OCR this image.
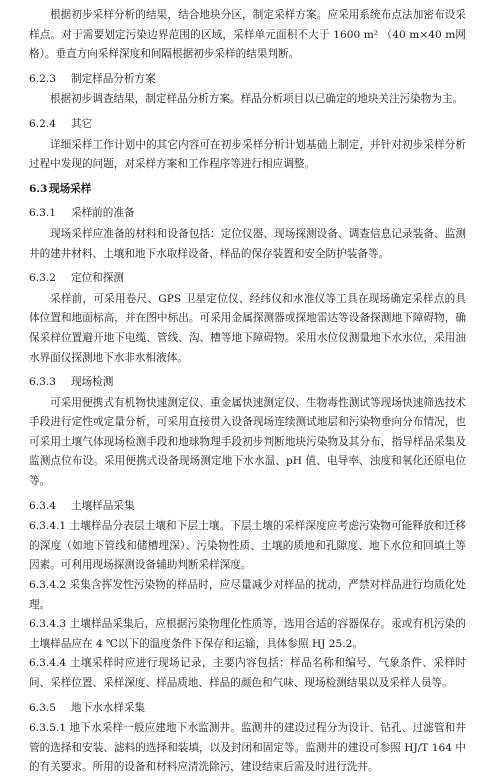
根据初步采样分析的结果，结合地块分区，制定采样方案。应采用系统布点法加密布设采样点。对于需要划定污染边界范围的区域，采样单元面积不大于 1600 m² （40 m×40 m网格）。垂直方向采样深度和间隔根据初步采样的结果判断。

6.2.3 制定样品分析方案

根据初步调查结果，制定样品分析方案。样品分析项目以已确定的地块关注污染物为主。

6.2.4 其它

详细采样工作计划中的其它内容可在初步采样分析计划基础上制定，并针对初步采样分析过程中发现的问题，对采样方案和工作程序等进行相应调整。

6.3 现场采样

6.3.1 采样前的准备

现场采样应准备的材料和设备包括：定位仪器、现场探测设备、调查信息记录装备、监测井的建井材料、土壤和地下水取样设备、样品的保存装置和安全防护装备等。

6.3.2 定位和探测

采样前，可采用卷尺、GPS 卫星定位仪、经纬仪和水准仪等工具在现场确定采样点的具体位置和地面标高，并在图中标出。可采用金属探测器或探地雷达等设备探测地下障碍物，确保采样位置避开地下电缆、管线、沟、槽等地下障碍物。采用水位仪测量地下水水位，采用油水界面仪探测地下水非水相液体。

6.3.3 现场检测

可采用便携式有机物快速测定仪、重金属快速测定仪、生物毒性测试等现场快速筛选技术手段进行定性或定量分析，可采用直接贯入设备现场连续测试地层和污染物垂向分布情况，也可采用土壤气体现场检测手段和地球物理手段初步判断地块污染物及其分布，指导样品采集及监测点位布设。采用便携式设备现场测定地下水水温、pH 值、电导率、浊度和氧化还原电位等。

6.3.4 土壤样品采集

6.3.4.1 土壤样品分表层土壤和下层土壤。下层土壤的采样深度应考虑污染物可能释放和迁移的深度（如地下管线和储槽埋深）、污染物性质、土壤的质地和孔隙度、地下水位和回填土等因素。可利用现场探测设备辅助判断采样深度。

6.3.4.2 采集含挥发性污染物的样品时，应尽量减少对样品的扰动，严禁对样品进行均质化处理。

6.3.4.3 土壤样品采集后，应根据污染物理化性质等，选用合适的容器保存。汞或有机污染的土壤样品应在 4 ℃以下的温度条件下保存和运输，具体参照 HJ 25.2。

6.3.4.4 土壤采样时应进行现场记录，主要内容包括：样品名称和编号、气象条件、采样时间、采样位置、采样深度、样品质地、样品的颜色和气味、现场检测结果以及采样人员等。

6.3.5 地下水水样采集

6.3.5.1 地下水采样一般应建地下水监测井。监测井的建设过程分为设计、钻孔、过滤管和井管的选择和安装、滤料的选择和装填，以及封闭和固定等。监测井的建设可参照 HJ/T 164 中的有关要求。所用的设备和材料应清洗除污，建设结束后需及时进行洗井。
